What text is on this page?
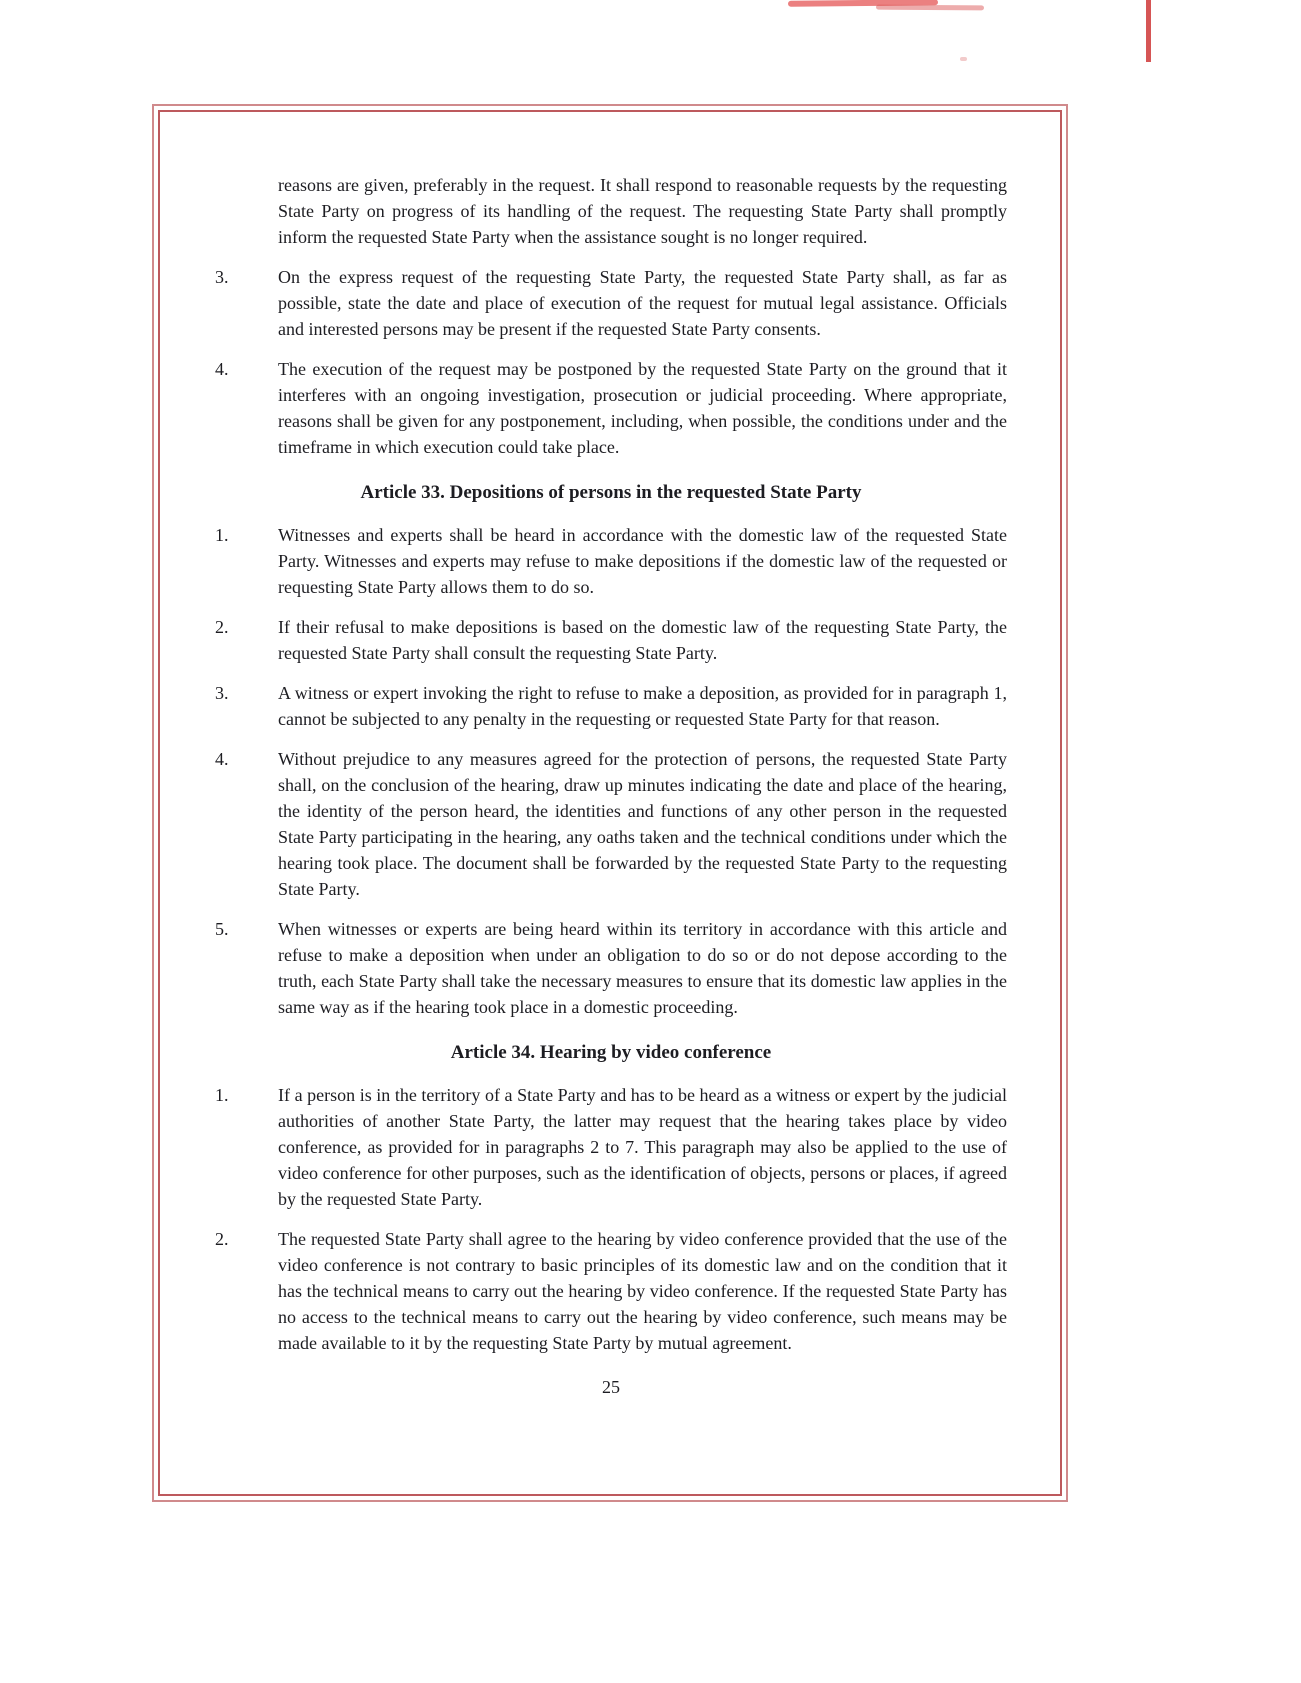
reasons are given, preferably in the request. It shall respond to reasonable requests by the requesting State Party on progress of its handling of the request. The requesting State Party shall promptly inform the requested State Party when the assistance sought is no longer required.

3.	On the express request of the requesting State Party, the requested State Party shall, as far as possible, state the date and place of execution of the request for mutual legal assistance. Officials and interested persons may be present if the requested State Party consents.
4.	The execution of the request may be postponed by the requested State Party on the ground that it interferes with an ongoing investigation, prosecution or judicial proceeding. Where appropriate, reasons shall be given for any postponement, including, when possible, the conditions under and the timeframe in which execution could take place.
Article 33. Depositions of persons in the requested State Party
1.	Witnesses and experts shall be heard in accordance with the domestic law of the requested State Party. Witnesses and experts may refuse to make depositions if the domestic law of the requested or requesting State Party allows them to do so.
2.	If their refusal to make depositions is based on the domestic law of the requesting State Party, the requested State Party shall consult the requesting State Party.
3.	A witness or expert invoking the right to refuse to make a deposition, as provided for in paragraph 1, cannot be subjected to any penalty in the requesting or requested State Party for that reason.
4.	Without prejudice to any measures agreed for the protection of persons, the requested State Party shall, on the conclusion of the hearing, draw up minutes indicating the date and place of the hearing, the identity of the person heard, the identities and functions of any other person in the requested State Party participating in the hearing, any oaths taken and the technical conditions under which the hearing took place. The document shall be forwarded by the requested State Party to the requesting State Party.
5.	When witnesses or experts are being heard within its territory in accordance with this article and refuse to make a deposition when under an obligation to do so or do not depose according to the truth, each State Party shall take the necessary measures to ensure that its domestic law applies in the same way as if the hearing took place in a domestic proceeding.
Article 34. Hearing by video conference
1.	If a person is in the territory of a State Party and has to be heard as a witness or expert by the judicial authorities of another State Party, the latter may request that the hearing takes place by video conference, as provided for in paragraphs 2 to 7. This paragraph may also be applied to the use of video conference for other purposes, such as the identification of objects, persons or places, if agreed by the requested State Party.
2.	The requested State Party shall agree to the hearing by video conference provided that the use of the video conference is not contrary to basic principles of its domestic law and on the condition that it has the technical means to carry out the hearing by video conference. If the requested State Party has no access to the technical means to carry out the hearing by video conference, such means may be made available to it by the requesting State Party by mutual agreement.
25
